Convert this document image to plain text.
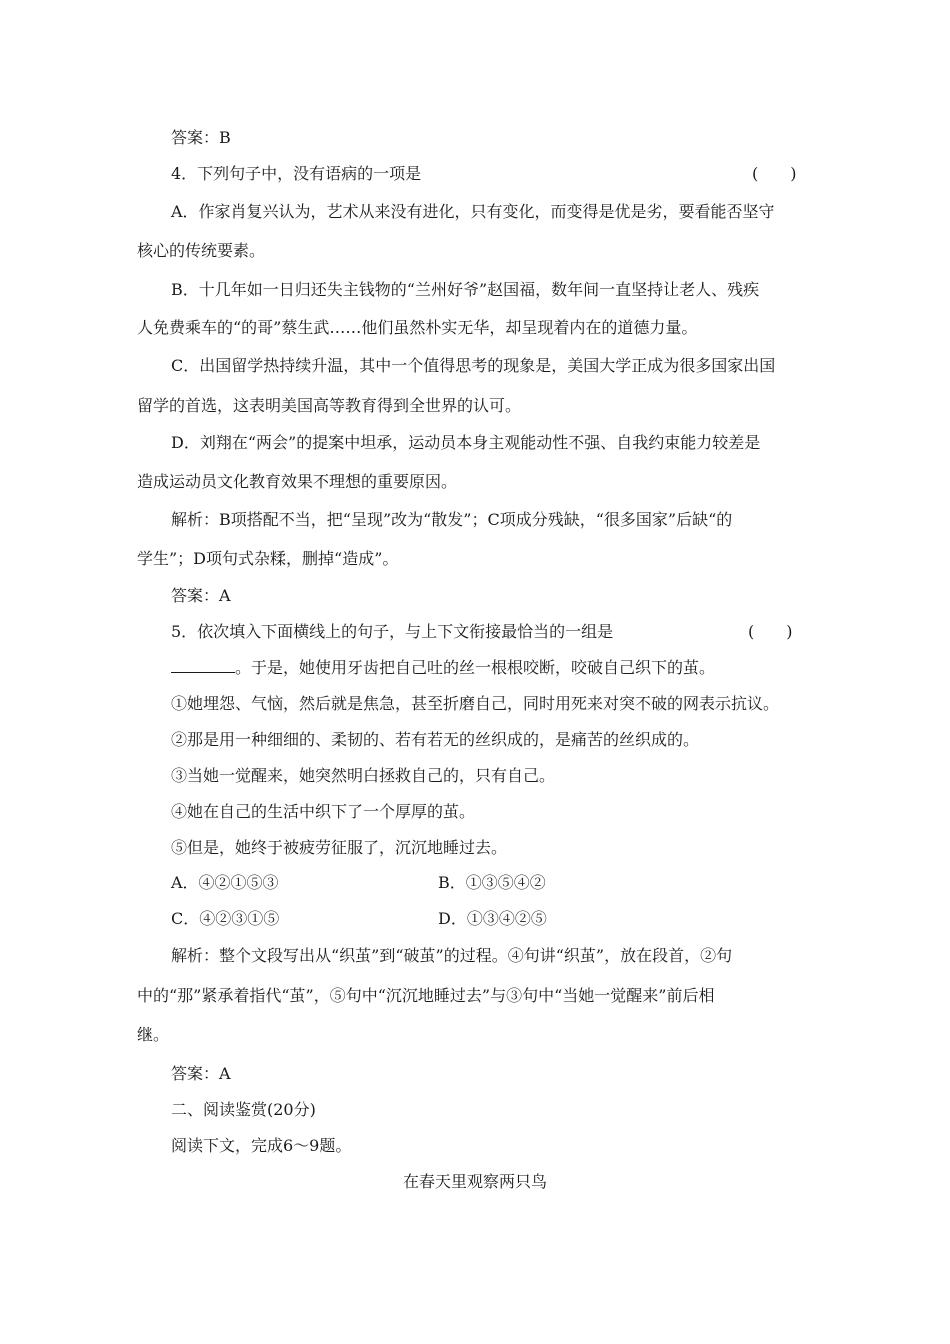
答案：B
4．下列句子中，没有语病的一项是	(　　)
A．作家肖复兴认为，艺术从来没有进化，只有变化，而变得是优是劣，要看能否坚守
核心的传统要素。
B．十几年如一日归还失主钱物的“兰州好爷”赵国福，数年间一直坚持让老人、残疾
人免费乘车的“的哥”蔡生武……他们虽然朴实无华，却呈现着内在的道德力量。
C．出国留学热持续升温，其中一个值得思考的现象是，美国大学正成为很多国家出国
留学的首选，这表明美国高等教育得到全世界的认可。
D．刘翔在“两会”的提案中坦承，运动员本身主观能动性不强、自我约束能力较差是
造成运动员文化教育效果不理想的重要原因。
解析：B项搭配不当，把“呈现”改为“散发”；C项成分残缺，“很多国家”后缺“的
学生”；D项句式杂糅，删掉“造成”。
答案：A
5．依次填入下面横线上的句子，与上下文衔接最恰当的一组是	(　　)
。于是，她使用牙齿把自己吐的丝一根根咬断，咬破自己织下的茧。
①她埋怨、气恼，然后就是焦急，甚至折磨自己，同时用死来对突不破的网表示抗议。
②那是用一种细细的、柔韧的、若有若无的丝织成的，是痛苦的丝织成的。
③当她一觉醒来，她突然明白拯救自己的，只有自己。
④她在自己的生活中织下了一个厚厚的茧。
⑤但是，她终于被疲劳征服了，沉沉地睡过去。
A．④②①⑤③	B．①③⑤④②
C．④②③①⑤	D．①③④②⑤
解析：整个文段写出从“织茧”到“破茧”的过程。④句讲“织茧”，放在段首，②句
中的“那”紧承着指代“茧”，⑤句中“沉沉地睡过去”与③句中“当她一觉醒来”前后相
继。
答案：A
二、阅读鉴赏(20分)
阅读下文，完成6～9题。
在春天里观察两只鸟
